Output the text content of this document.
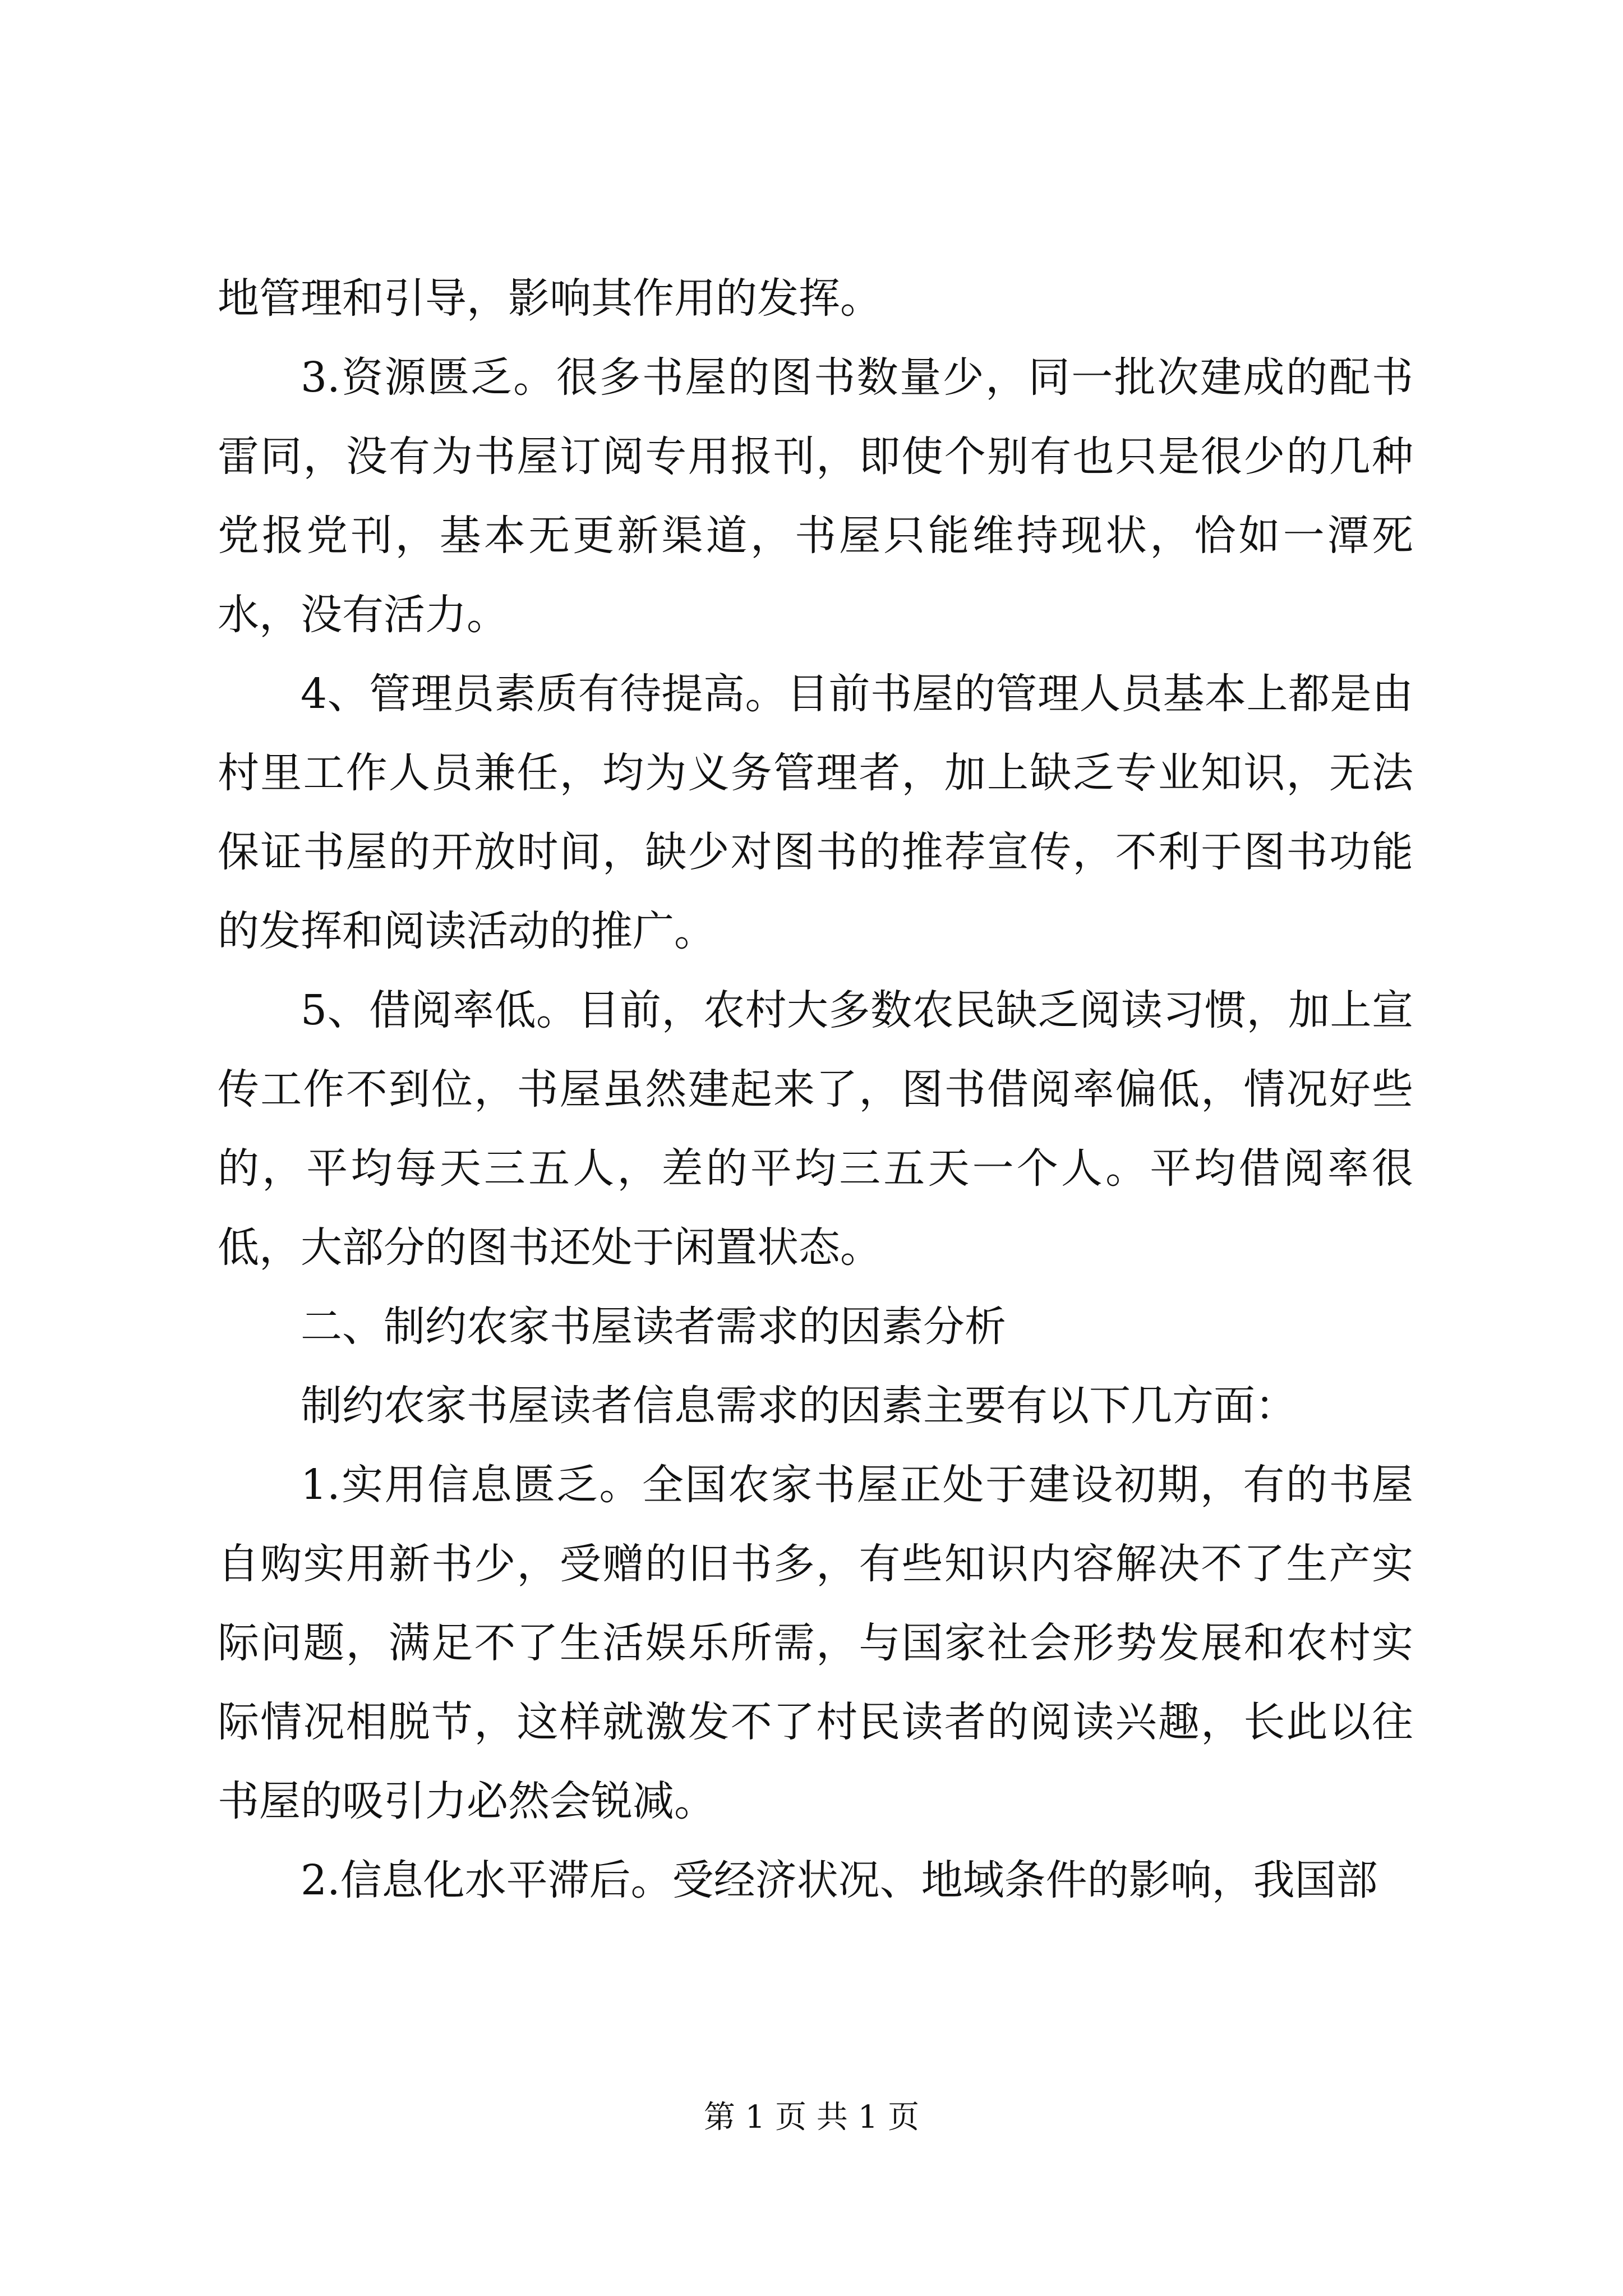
地管理和引导，影响其作用的发挥。

3.资源匮乏。很多书屋的图书数量少，同一批次建成的配书雷同，没有为书屋订阅专用报刊，即使个别有也只是很少的几种党报党刊，基本无更新渠道，书屋只能维持现状，恰如一潭死水，没有活力。

4、管理员素质有待提高。目前书屋的管理人员基本上都是由村里工作人员兼任，均为义务管理者，加上缺乏专业知识，无法保证书屋的开放时间，缺少对图书的推荐宣传，不利于图书功能的发挥和阅读活动的推广。

5、借阅率低。目前，农村大多数农民缺乏阅读习惯，加上宣传工作不到位，书屋虽然建起来了，图书借阅率偏低，情况好些的，平均每天三五人，差的平均三五天一个人。平均借阅率很低，大部分的图书还处于闲置状态。

二、制约农家书屋读者需求的因素分析

制约农家书屋读者信息需求的因素主要有以下几方面：

1.实用信息匮乏。全国农家书屋正处于建设初期，有的书屋自购实用新书少，受赠的旧书多，有些知识内容解决不了生产实际问题，满足不了生活娱乐所需，与国家社会形势发展和农村实际情况相脱节，这样就激发不了村民读者的阅读兴趣，长此以往书屋的吸引力必然会锐减。

2.信息化水平滞后。受经济状况、地域条件的影响，我国部

第 1 页 共 1 页
